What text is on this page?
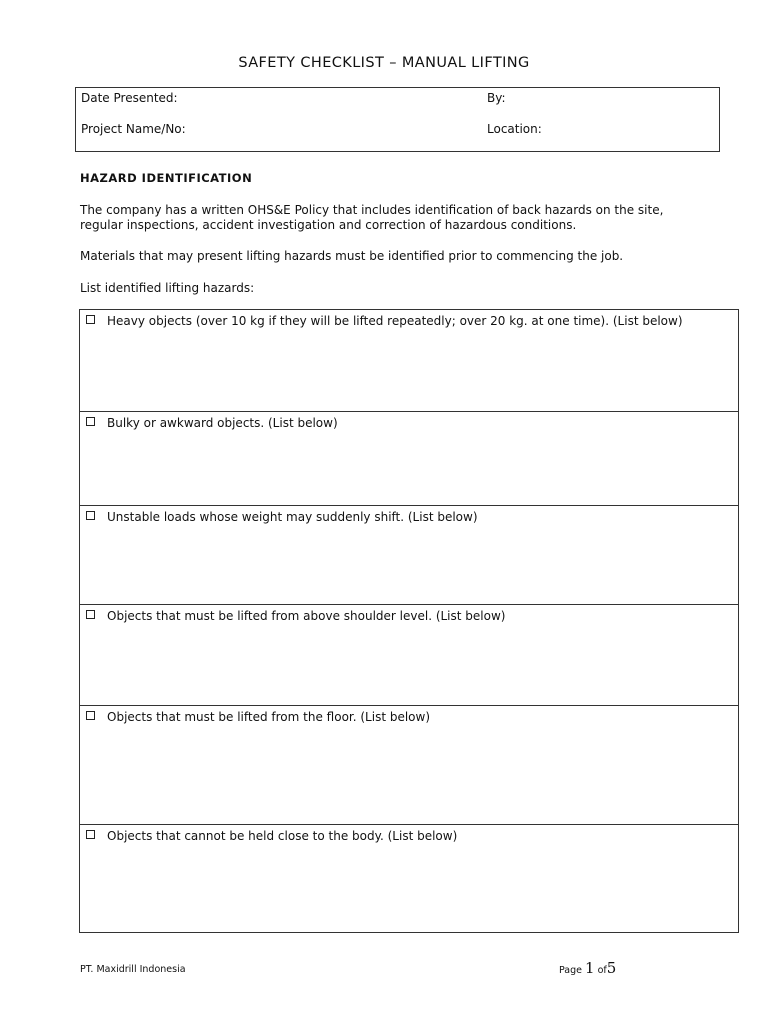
SAFETY CHECKLIST – MANUAL LIFTING
Date Presented:	By:
Project Name/No:	Location:
HAZARD IDENTIFICATION
The company has a written OHS&E Policy that includes identification of back hazards on the site,
regular inspections, accident investigation and correction of hazardous conditions.
Materials that may present lifting hazards must be identified prior to commencing the job.
List identified lifting hazards:
Heavy objects (over 10 kg if they will be lifted repeatedly; over 20 kg. at one time). (List below)
Bulky or awkward objects. (List below)
Unstable loads whose weight may suddenly shift. (List below)
Objects that must be lifted from above shoulder level. (List below)
Objects that must be lifted from the floor. (List below)
Objects that cannot be held close to the body. (List below)
PT. Maxidrill Indonesia	Page 1 of5
